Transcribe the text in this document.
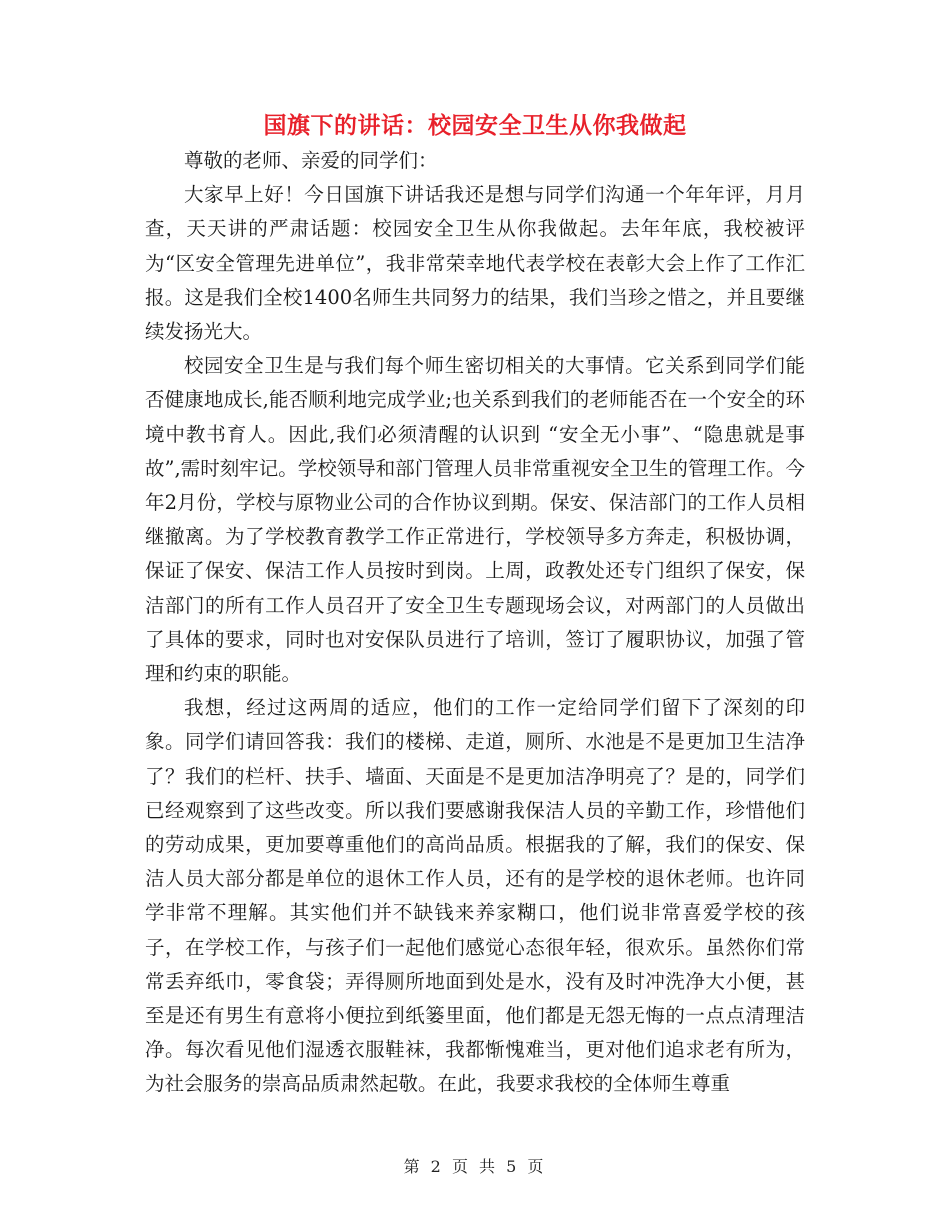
国旗下的讲话：校园安全卫生从你我做起

尊敬的老师、亲爱的同学们：

大家早上好！今日国旗下讲话我还是想与同学们沟通一个年年评，月月查，天天讲的严肃话题：校园安全卫生从你我做起。去年年底，我校被评为“区安全管理先进单位”，我非常荣幸地代表学校在表彰大会上作了工作汇报。这是我们全校1400名师生共同努力的结果，我们当珍之惜之，并且要继续发扬光大。

校园安全卫生是与我们每个师生密切相关的大事情。它关系到同学们能否健康地成长,能否顺利地完成学业;也关系到我们的老师能否在一个安全的环境中教书育人。因此,我们必须清醒的认识到 “安全无小事”、“隐患就是事故”,需时刻牢记。学校领导和部门管理人员非常重视安全卫生的管理工作。今年2月份，学校与原物业公司的合作协议到期。保安、保洁部门的工作人员相继撤离。为了学校教育教学工作正常进行，学校领导多方奔走，积极协调，保证了保安、保洁工作人员按时到岗。上周，政教处还专门组织了保安，保洁部门的所有工作人员召开了安全卫生专题现场会议，对两部门的人员做出了具体的要求，同时也对安保队员进行了培训，签订了履职协议，加强了管理和约束的职能。

我想，经过这两周的适应，他们的工作一定给同学们留下了深刻的印象。同学们请回答我：我们的楼梯、走道，厕所、水池是不是更加卫生洁净了？我们的栏杆、扶手、墙面、天面是不是更加洁净明亮了？是的，同学们已经观察到了这些改变。所以我们要感谢我保洁人员的辛勤工作，珍惜他们的劳动成果，更加要尊重他们的高尚品质。根据我的了解，我们的保安、保洁人员大部分都是单位的退休工作人员，还有的是学校的退休老师。也许同学非常不理解。其实他们并不缺钱来养家糊口，他们说非常喜爱学校的孩子，在学校工作，与孩子们一起他们感觉心态很年轻，很欢乐。虽然你们常常丢弃纸巾，零食袋；弄得厕所地面到处是水，没有及时冲洗净大小便，甚至是还有男生有意将小便拉到纸篓里面，他们都是无怨无悔的一点点清理洁净。每次看见他们湿透衣服鞋袜，我都惭愧难当，更对他们追求老有所为，为社会服务的崇高品质肃然起敬。在此，我要求我校的全体师生尊重

第 2 页 共 5 页
